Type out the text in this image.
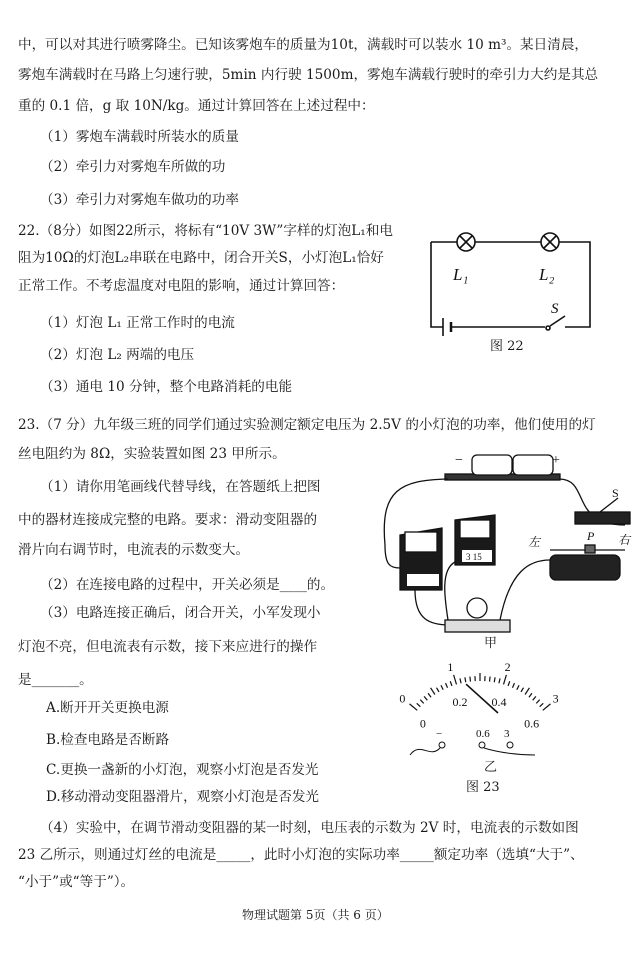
中，可以对其进行喷雾降尘。已知该雾炮车的质量为10t，满载时可以装水 10 m³。某日清晨，
雾炮车满载时在马路上匀速行驶，5min 内行驶 1500m，雾炮车满载行驶时的牵引力大约是其总
重的 0.1 倍，g 取 10N/kg。通过计算回答在上述过程中：
（1）雾炮车满载时所装水的质量
（2）牵引力对雾炮车所做的功
（3）牵引力对雾炮车做功的功率
22.（8分）如图22所示，将标有“10V 3W”字样的灯泡L₁和电
阻为10Ω的灯泡L₂串联在电路中，闭合开关S，小灯泡L₁恰好
正常工作。不考虑温度对电阻的影响，通过计算回答：
（1）灯泡 L₁ 正常工作时的电流
（2）灯泡 L₂ 两端的电压
（3）通电 10 分钟，整个电路消耗的电能
L₁	L₂
S
图 22
23.（7 分）九年级三班的同学们通过实验测定额定电压为 2.5V 的小灯泡的功率，他们使用的灯
丝电阻约为 8Ω，实验装置如图 23 甲所示。
（1）请你用笔画线代替导线，在答题纸上把图
中的器材连接成完整的电路。要求：滑动变阻器的
滑片向右调节时，电流表的示数变大。
（2）在连接电路的过程中，开关必须是____的。
（3）电路连接正确后，闭合开关，小军发现小
灯泡不亮，但电流表有示数，接下来应进行的操作
是_______。
A.断开开关更换电源
B.检查电路是否断路
C.更换一盏新的小灯泡，观察小灯泡是否发光
D.移动滑动变阻器滑片，观察小灯泡是否发光
（4）实验中，在调节滑动变阻器的某一时刻，电压表的示数为 2V 时，电流表的示数如图
23 乙所示，则通过灯丝的电流是_____，此时小灯泡的实际功率_____额定功率（选填“大于”、
“小于”或“等于”）。
3 15
−	+
S
左	P 右
甲
0
0
1
0.2
2
0.4	3
0.6
−	0.6 3
乙
图 23
物理试题第 5页（共 6 页）
